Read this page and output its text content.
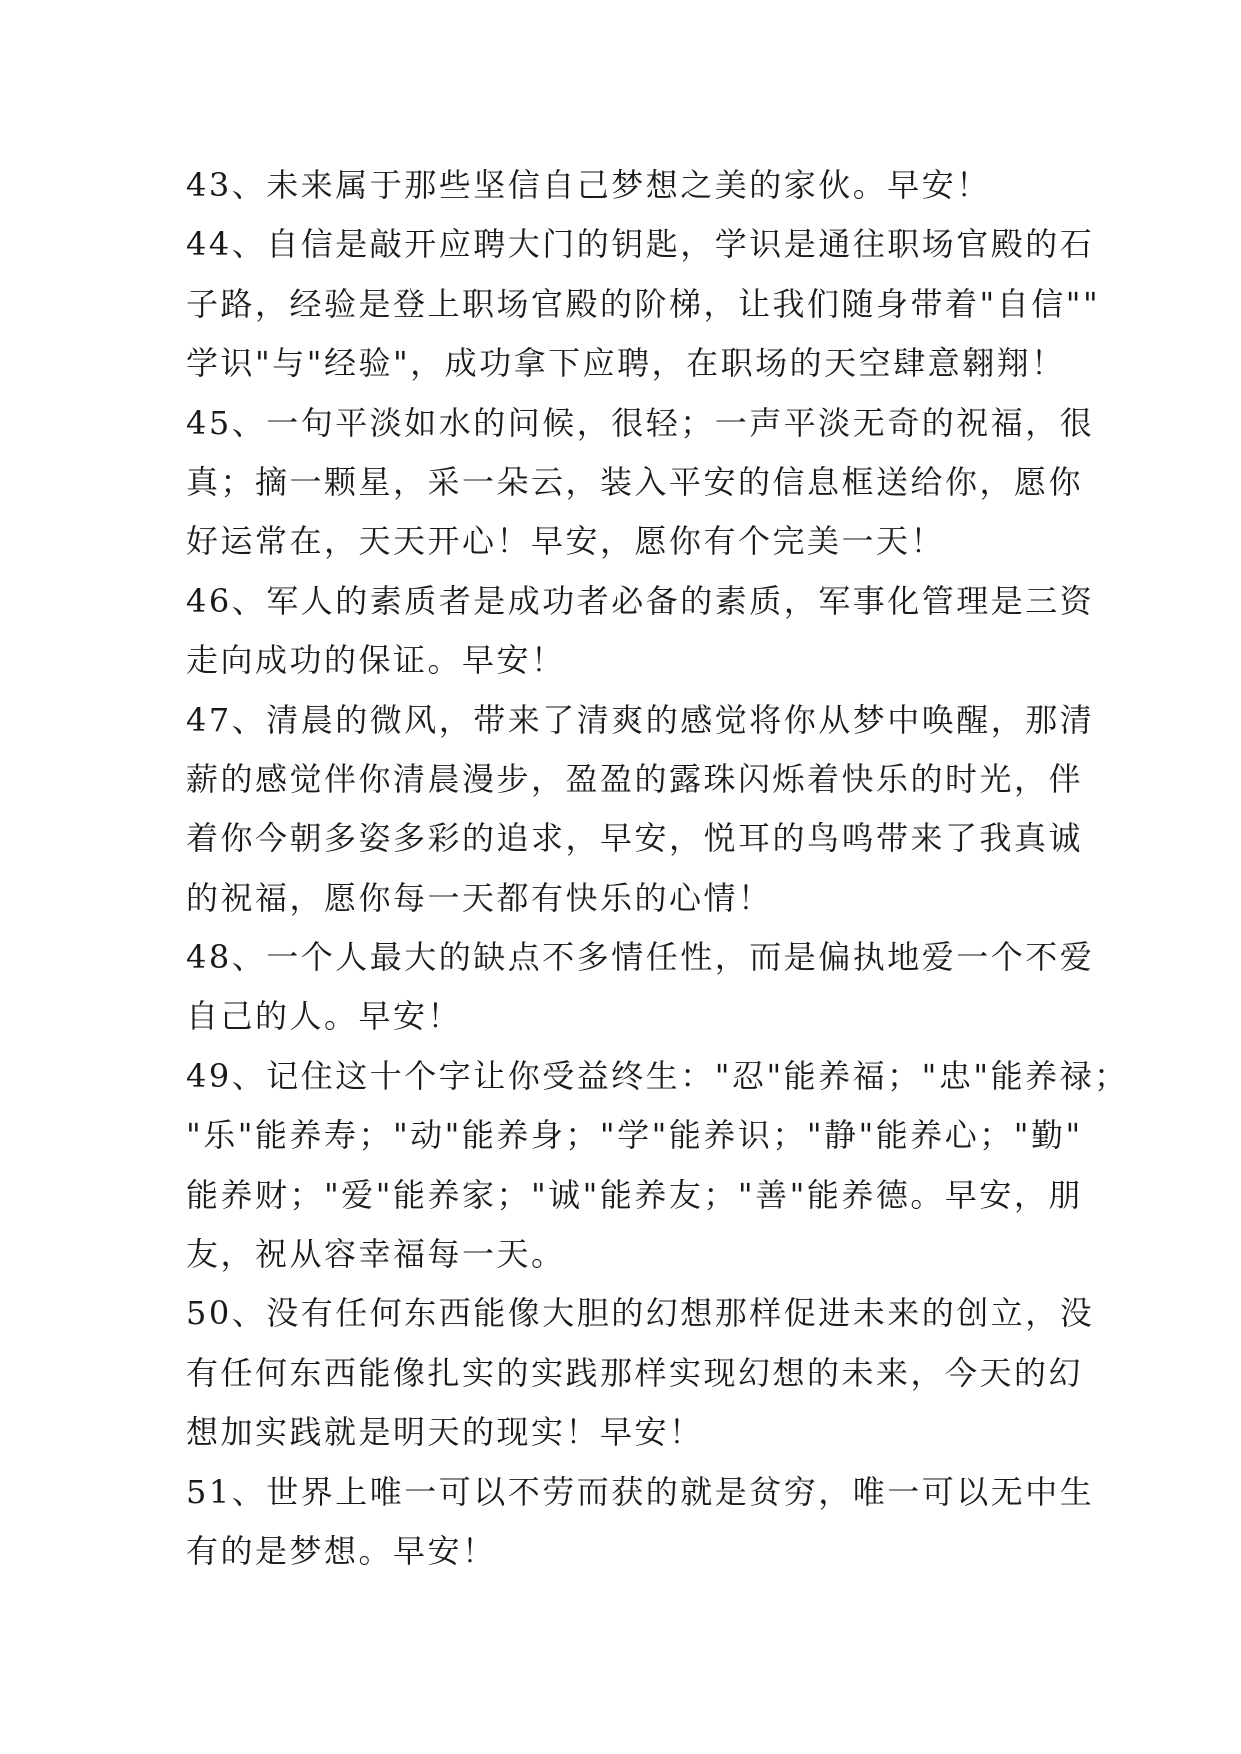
43、未来属于那些坚信自己梦想之美的家伙。早安！
44、自信是敲开应聘大门的钥匙，学识是通往职场官殿的石
子路，经验是登上职场官殿的阶梯，让我们随身带着"自信""
学识"与"经验"，成功拿下应聘，在职场的天空肆意翱翔！
45、一句平淡如水的问候，很轻；一声平淡无奇的祝福，很
真；摘一颗星，采一朵云，装入平安的信息框送给你，愿你
好运常在，天天开心！早安，愿你有个完美一天！
46、军人的素质者是成功者必备的素质，军事化管理是三资
走向成功的保证。早安！
47、清晨的微风，带来了清爽的感觉将你从梦中唤醒，那清
薪的感觉伴你清晨漫步，盈盈的露珠闪烁着快乐的时光，伴
着你今朝多姿多彩的追求，早安，悦耳的鸟鸣带来了我真诚
的祝福，愿你每一天都有快乐的心情！
48、一个人最大的缺点不多情任性，而是偏执地爱一个不爱
自己的人。早安！
49、记住这十个字让你受益终生："忍"能养福；"忠"能养禄；
"乐"能养寿；"动"能养身；"学"能养识；"静"能养心；"勤"
能养财；"爱"能养家；"诚"能养友；"善"能养德。早安，朋
友，祝从容幸福每一天。
50、没有任何东西能像大胆的幻想那样促进未来的创立，没
有任何东西能像扎实的实践那样实现幻想的未来，今天的幻
想加实践就是明天的现实！早安！
51、世界上唯一可以不劳而获的就是贫穷，唯一可以无中生
有的是梦想。早安！
